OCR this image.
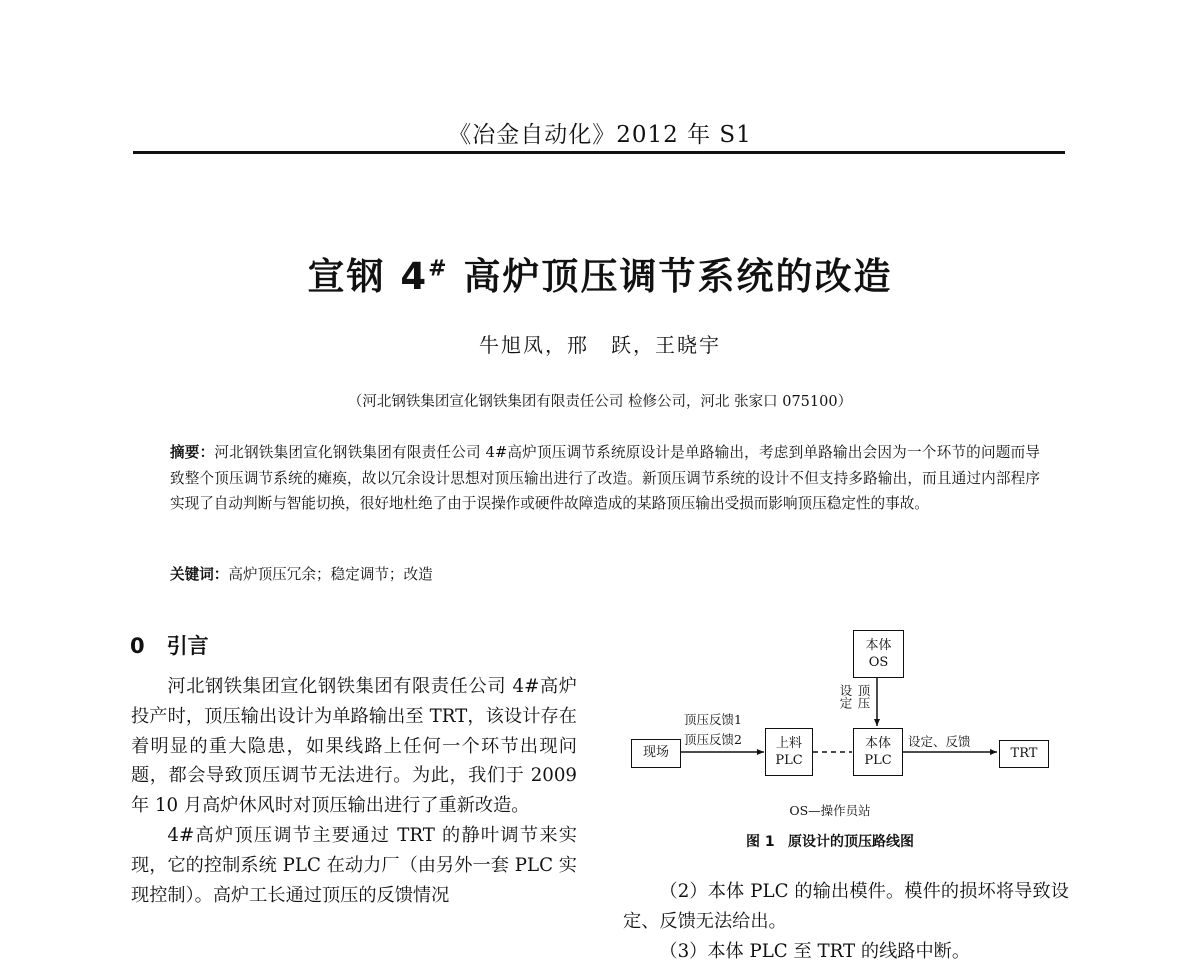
《冶金自动化》2012 年 S1
宣钢 4# 高炉顶压调节系统的改造
牛旭凤，邢　跃，王晓宇
（河北钢铁集团宣化钢铁集团有限责任公司 检修公司，河北 张家口 075100）
摘要：河北钢铁集团宣化钢铁集团有限责任公司 4#高炉顶压调节系统原设计是单路输出，考虑到单路输出会因为一个环节的问题而导致整个顶压调节系统的瘫痪，故以冗余设计思想对顶压输出进行了改造。新顶压调节系统的设计不但支持多路输出，而且通过内部程序实现了自动判断与智能切换，很好地杜绝了由于误操作或硬件故障造成的某路顶压输出受损而影响顶压稳定性的事故。
关键词：高炉顶压冗余；稳定调节；改造
0 引言

河北钢铁集团宣化钢铁集团有限责任公司 4#高炉投产时，顶压输出设计为单路输出至 TRT，该设计存在着明显的重大隐患，如果线路上任何一个环节出现问题，都会导致顶压调节无法进行。为此，我们于 2009 年 10 月高炉休风时对顶压输出进行了重新改造。

4#高炉顶压调节主要通过 TRT 的静叶调节来实现，它的控制系统 PLC 在动力厂（由另外一套 PLC 实现控制）。高炉工长通过顶压的反馈情况	（2）本体 PLC 的输出模件。模件的损坏将导致设定、反馈无法给出。

（3）本体 PLC 至 TRT 的线路中断。

本体
OS
现场
上料
PLC
本体
PLC	TRT
顶压反馈1
顶压反馈2
设定 顶压
设定、反馈
OS—操作员站
图 1 原设计的顶压路线图
